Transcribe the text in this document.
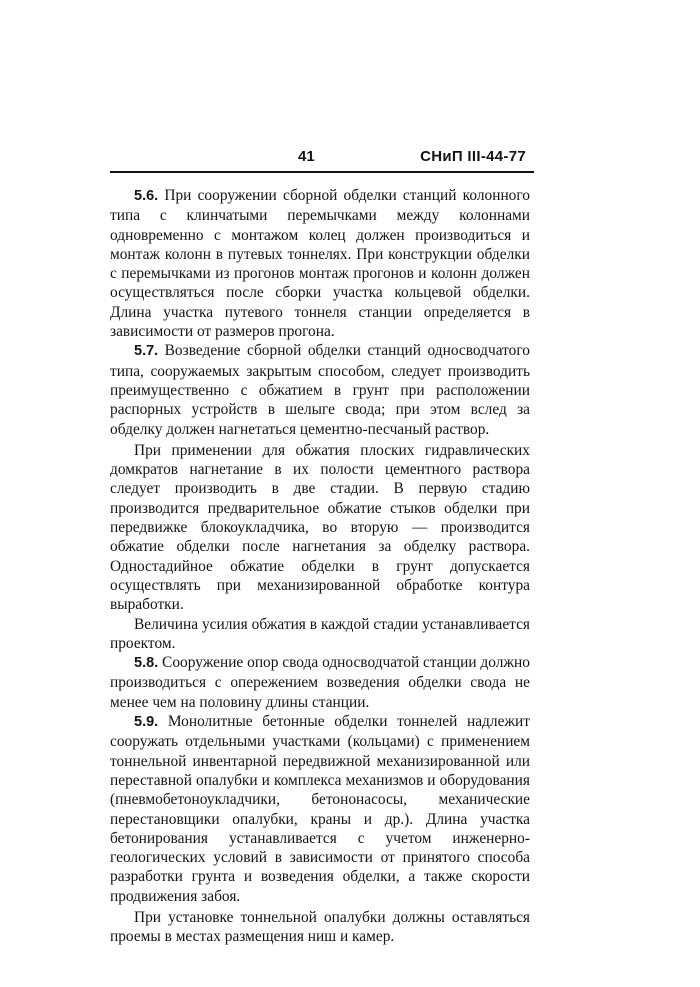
41	СНиП III-44-77

5.6. При сооружении сборной обделки станций колонного типа с клинчатыми перемычками между колоннами одновременно с монтажом колец должен производиться и монтаж колонн в путевых тоннелях. При конструкции обделки с перемычками из прогонов монтаж прогонов и колонн должен осуществляться после сборки участка кольцевой обделки. Длина участка путевого тоннеля станции определяется в зависимости от размеров прогона.

5.7. Возведение сборной обделки станций односводчатого типа, сооружаемых закрытым способом, следует производить преимущественно с обжатием в грунт при расположении распорных устройств в шелыге свода; при этом вслед за обделку должен нагнетаться цементно-песчаный раствор.

При применении для обжатия плоских гидравлических домкратов нагнетание в их полости цементного раствора следует производить в две стадии. В первую стадию производится предварительное обжатие стыков обделки при передвижке блокоукладчика, во вторую — производится обжатие обделки после нагнетания за обделку раствора. Одностадийное обжатие обделки в грунт допускается осуществлять при механизированной обработке контура выработки.

Величина усилия обжатия в каждой стадии устанавливается проектом.

5.8. Сооружение опор свода односводчатой станции должно производиться с опережением возведения обделки свода не менее чем на половину длины станции.

5.9. Монолитные бетонные обделки тоннелей надлежит сооружать отдельными участками (кольцами) с применением тоннельной инвентарной передвижной механизированной или переставной опалубки и комплекса механизмов и оборудования (пневмобетоноукладчики, бетононасосы, механические перестановщики опалубки, краны и др.). Длина участка бетонирования устанавливается с учетом инженерно-геологических условий в зависимости от принятого способа разработки грунта и возведения обделки, а также скорости продвижения забоя.

При установке тоннельной опалубки должны оставляться проемы в местах размещения ниш и камер.
